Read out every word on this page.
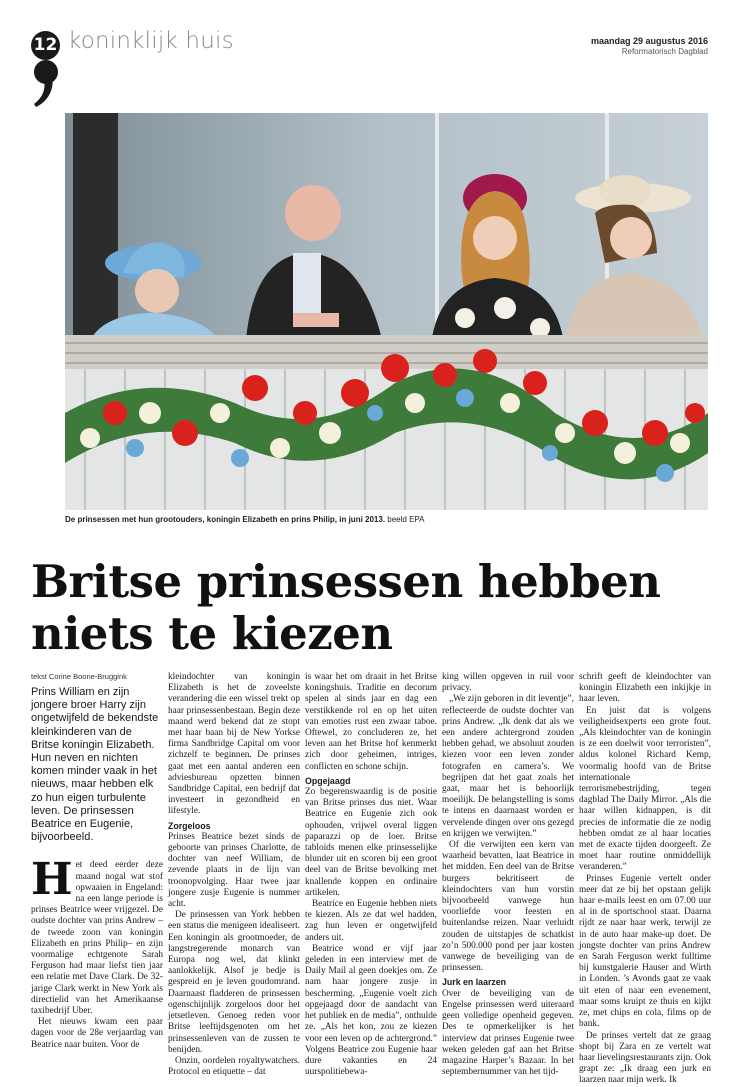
12 koninklijk huis	maandag 29 augustus 2016
Reformatorisch Dagblad
De prinsessen met hun grootouders, koningin Elizabeth en prins Philip, in juni 2013. beeld EPA
Britse prinsessen hebben
niets te kiezen
tekst Corine Boone-Bruggink
Prins William en zijn jongere broer Harry zijn ongetwijfeld de bekendste kleinkinderen van de Britse koningin Elizabeth. Hun neven en nichten komen minder vaak in het nieuws, maar hebben elk zo hun eigen turbulente leven. De prinsessen Beatrice en Eugenie, bijvoorbeeld.

Het deed eerder deze maand nogal wat stof opwaaien in Engeland: na een lange periode is prinses Beatrice weer vrijgezel. De oudste dochter van prins Andrew –de tweede zoon van koningin Elizabeth en prins Philip– en zijn voormalige echtgenote Sarah Ferguson had maar liefst tien jaar een relatie met Dave Clark. De 32-jarige Clark werkt in New York als directielid van het Amerikaanse taxibedrijf Uber.

Het nieuws kwam een paar dagen voor de 28e verjaardag van Beatrice naar buiten. Voor de

kleindochter van koningin Elizabeth is het de zoveelste verandering die een wissel trekt op haar prinsessenbestaan. Begin deze maand werd bekend dat ze stopt met haar baan bij de New Yorkse firma Sandbridge Capital om voor zichzelf te beginnen. De prinses gaat met een aantal anderen een adviesbureau opzetten binnen Sandbridge Capital, een bedrijf dat investeert in gezondheid en lifestyle.

Zorgeloos

Prinses Beatrice bezet sinds de geboorte van prinses Charlotte, de dochter van neef William, de zevende plaats in de lijn van troonopvolging. Haar twee jaar jongere zusje Eugenie is nummer acht.

De prinsessen van York hebben een status die menigeen idealiseert. Een koningin als grootmoeder, de langstregerende monarch van Europa nog wel, dat klinkt aanlokkelijk. Alsof je bedje is gespreid en je leven goudomrand. Daarnaast fladderen de prinsessen ogenschijnlijk zorgeloos door het jetsetleven. Genoeg reden voor Britse leeftijdsgenoten om het prinsessenleven van de zussen te benijden.

Onzin, oordelen royaltywatchers. Protocol en etiquette – dat

is waar het om draait in het Britse koningshuis. Traditie en decorum spelen al sinds jaar en dag een verstikkende rol en op het uiten van emoties rust een zwaar taboe. Oftewel, zo concluderen ze, het leven aan het Britse hof kenmerkt zich door geheimen, intriges, conflicten en schone schijn.

Opgejaagd

Zo begerenswaardig is de positie van Britse prinses dus niet. Waar Beatrice en Eugenie zich ook ophouden, vrijwel overal liggen paparazzi op de loer. Britse tabloids menen elke prinsesselijke blunder uit en scoren bij een groot deel van de Britse bevolking met knallende koppen en ordinaire artikelen.

Beatrice en Eugenie hebben niets te kiezen. Als ze dat wel hadden, zag hun leven er ongetwijfeld anders uit.

Beatrice wond er vijf jaar geleden in een interview met de Daily Mail al geen doekjes om. Ze nam haar jongere zusje in bescherming. „Eugenie voelt zich opgejaagd door de aandacht van het publiek en de media”, onthulde ze. „Als het kon, zou ze kiezen voor een leven op de achtergrond.” Volgens Beatrice zou Eugenie haar dure vakanties en 24 uurspolitiebewa-

king willen opgeven in ruil voor privacy.

„We zijn geboren in dit leventje”, reflecteerde de oudste dochter van prins Andrew. „Ik denk dat als we een andere achtergrond zouden hebben gehad, we absoluut zouden kiezen voor een leven zonder fotografen en camera’s. We begrijpen dat het gaat zoals het gaat, maar het is behoorlijk moeilijk. De belangstelling is soms te intens en daarnaast worden er vervelende dingen over ons gezegd en krijgen we verwijten.”

Of die verwijten een kern van waarheid bevatten, laat Beatrice in het midden. Een deel van de Britse burgers bekritiseert de kleindochters van hun vorstin bijvoorbeeld vanwege hun voorliefde voor feesten en buitenlandse reizen. Naar verluidt zouden de uitstapjes de schatkist zo’n 500.000 pond per jaar kosten vanwege de beveiliging van de prinsessen.

Jurk en laarzen

Over de beveiliging van de Engelse prinsessen werd uiteraard geen volledige openheid gegeven. Des te opmerkelijker is het interview dat prinses Eugenie twee weken geleden gaf aan het Britse magazine Harper’s Bazaar. In het septembernummer van het tijd-

schrift geeft de kleindochter van koningin Elizabeth een inkijkje in haar leven.

En juist dat is volgens veiligheidsexperts een grote fout. „Als kleindochter van de koningin is ze een doelwit voor terroristen”, aldus kolonel Richard Kemp, voormalig hoofd van de Britse internationale terrorismebestrijding, tegen dagblad The Daily Mirror. „Als die haar willen kidnappen, is dit precies de informatie die ze nodig hebben omdat ze al haar locaties met de exacte tijden doorgeeft. Ze moet haar routine onmiddellijk veranderen.”

Prinses Eugenie vertelt onder meer dat ze bij het opstaan gelijk haar e-mails leest en om 07.00 uur al in de sportschool staat. Daarna rijdt ze naar haar werk, terwijl ze in de auto haar make-up doet. De jongste dochter van prins Andrew en Sarah Ferguson werkt fulltime bij kunstgalerie Hauser and Wirth in Londen. ’s Avonds gaat ze vaak uit eten of naar een evenement, maar soms kruipt ze thuis en kijkt ze, met chips en cola, films op de bank.

De prinses vertelt dat ze graag shopt bij Zara en ze vertelt wat haar lievelingsrestaurants zijn. Ook grapt ze: „Ik draag een jurk en laarzen naar mijn werk. Ik
